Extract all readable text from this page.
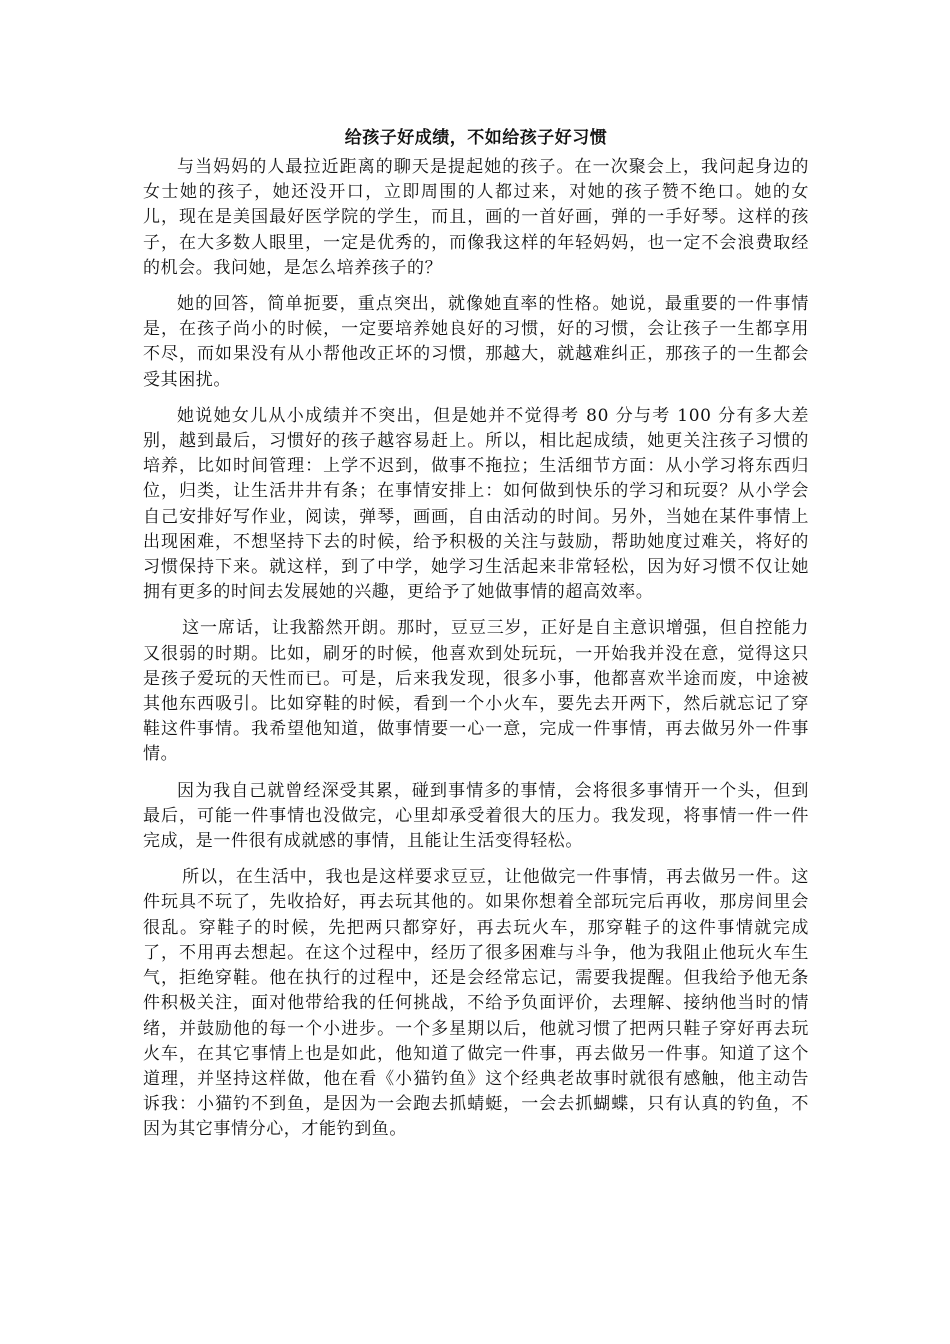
给孩子好成绩，不如给孩子好习惯

与当妈妈的人最拉近距离的聊天是提起她的孩子。在一次聚会上，我问起身边的女士她的孩子，她还没开口，立即周围的人都过来，对她的孩子赞不绝口。她的女儿，现在是美国最好医学院的学生，而且，画的一首好画，弹的一手好琴。这样的孩子，在大多数人眼里，一定是优秀的，而像我这样的年轻妈妈，也一定不会浪费取经的机会。我问她，是怎么培养孩子的？

她的回答，简单扼要，重点突出，就像她直率的性格。她说，最重要的一件事情是，在孩子尚小的时候，一定要培养她良好的习惯，好的习惯，会让孩子一生都享用不尽，而如果没有从小帮他改正坏的习惯，那越大，就越难纠正，那孩子的一生都会受其困扰。

她说她女儿从小成绩并不突出，但是她并不觉得考 80 分与考 100 分有多大差别，越到最后，习惯好的孩子越容易赶上。所以，相比起成绩，她更关注孩子习惯的培养，比如时间管理：上学不迟到，做事不拖拉；生活细节方面：从小学习将东西归位，归类，让生活井井有条；在事情安排上：如何做到快乐的学习和玩耍？从小学会自己安排好写作业，阅读，弹琴，画画，自由活动的时间。另外，当她在某件事情上出现困难，不想坚持下去的时候，给予积极的关注与鼓励，帮助她度过难关，将好的习惯保持下来。就这样，到了中学，她学习生活起来非常轻松，因为好习惯不仅让她拥有更多的时间去发展她的兴趣，更给予了她做事情的超高效率。

这一席话，让我豁然开朗。那时，豆豆三岁，正好是自主意识增强，但自控能力又很弱的时期。比如，刷牙的时候，他喜欢到处玩玩，一开始我并没在意，觉得这只是孩子爱玩的天性而已。可是，后来我发现，很多小事，他都喜欢半途而废，中途被其他东西吸引。比如穿鞋的时候，看到一个小火车，要先去开两下，然后就忘记了穿鞋这件事情。我希望他知道，做事情要一心一意，完成一件事情，再去做另外一件事情。

因为我自己就曾经深受其累，碰到事情多的事情，会将很多事情开一个头，但到最后，可能一件事情也没做完，心里却承受着很大的压力。我发现，将事情一件一件完成，是一件很有成就感的事情，且能让生活变得轻松。

所以，在生活中，我也是这样要求豆豆，让他做完一件事情，再去做另一件。这件玩具不玩了，先收拾好，再去玩其他的。如果你想着全部玩完后再收，那房间里会很乱。穿鞋子的时候，先把两只都穿好，再去玩火车，那穿鞋子的这件事情就完成了，不用再去想起。在这个过程中，经历了很多困难与斗争，他为我阻止他玩火车生气，拒绝穿鞋。他在执行的过程中，还是会经常忘记，需要我提醒。但我给予他无条件积极关注，面对他带给我的任何挑战，不给予负面评价，去理解、接纳他当时的情绪，并鼓励他的每一个小进步。一个多星期以后，他就习惯了把两只鞋子穿好再去玩火车，在其它事情上也是如此，他知道了做完一件事，再去做另一件事。知道了这个道理，并坚持这样做，他在看《小猫钓鱼》这个经典老故事时就很有感触，他主动告诉我：小猫钓不到鱼，是因为一会跑去抓蜻蜓，一会去抓蝴蝶，只有认真的钓鱼，不因为其它事情分心，才能钓到鱼。
